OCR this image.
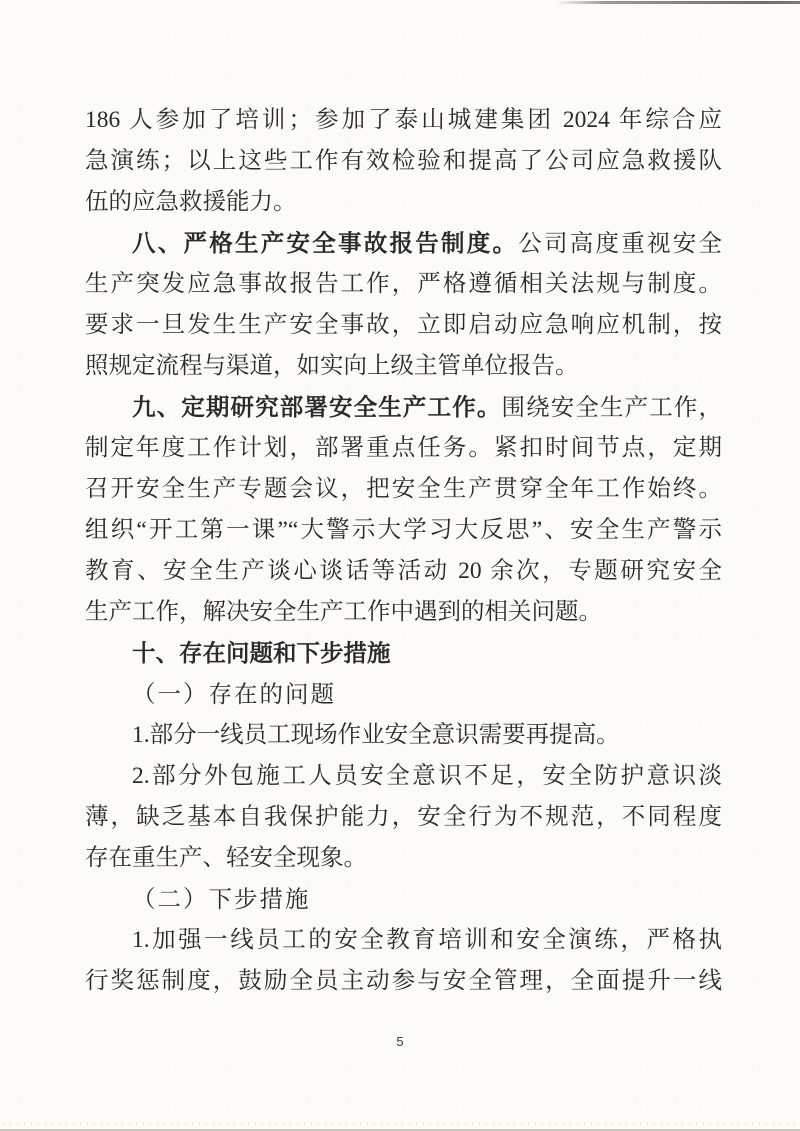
186 人参加了培训；参加了泰山城建集团 2024 年综合应
急演练；以上这些工作有效检验和提高了公司应急救援队
伍的应急救援能力。
八、严格生产安全事故报告制度。公司高度重视安全
生产突发应急事故报告工作，严格遵循相关法规与制度。
要求一旦发生生产安全事故，立即启动应急响应机制，按
照规定流程与渠道，如实向上级主管单位报告。
九、定期研究部署安全生产工作。围绕安全生产工作，
制定年度工作计划，部署重点任务。紧扣时间节点，定期
召开安全生产专题会议，把安全生产贯穿全年工作始终。
组织“开工第一课”“大警示大学习大反思”、安全生产警示
教育、安全生产谈心谈话等活动 20 余次，专题研究安全
生产工作，解决安全生产工作中遇到的相关问题。
十、存在问题和下步措施
（一）存在的问题
1.部分一线员工现场作业安全意识需要再提高。
2.部分外包施工人员安全意识不足，安全防护意识淡
薄，缺乏基本自我保护能力，安全行为不规范，不同程度
存在重生产、轻安全现象。
（二）下步措施
1.加强一线员工的安全教育培训和安全演练，严格执
行奖惩制度，鼓励全员主动参与安全管理，全面提升一线
5
